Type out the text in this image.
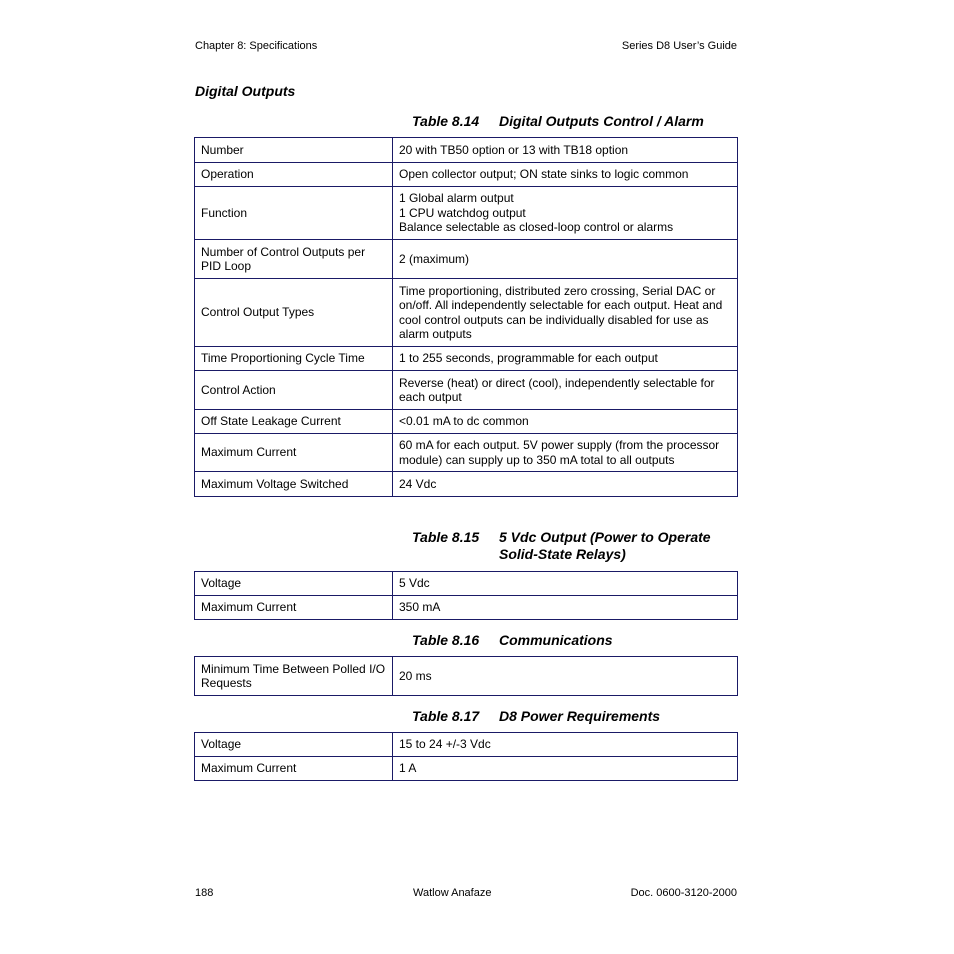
Chapter 8: Specifications	Series D8 User’s Guide
Digital Outputs
Table 8.14 Digital Outputs Control / Alarm
Number	20 with TB50 option or 13 with TB18 option
Operation	Open collector output; ON state sinks to logic common
Function	1 Global alarm output
1 CPU watchdog output
Balance selectable as closed-loop control or alarms

Number of Control Outputs per PID Loop	2 (maximum)
Control Output Types	Time proportioning, distributed zero crossing, Serial DAC or on/off. All independently selectable for each output. Heat and cool control outputs can be individually disabled for use as alarm outputs
Time Proportioning Cycle Time	1 to 255 seconds, programmable for each output
Control Action	Reverse (heat) or direct (cool), independently selectable for each output
Off State Leakage Current	<0.01 mA to dc common
Maximum Current	60 mA for each output. 5V power supply (from the processor module) can supply up to 350 mA total to all outputs
Maximum Voltage Switched	24 Vdc
Table 8.15 5 Vdc Output (Power to Operate
Solid-State Relays)
Voltage	5 Vdc
Maximum Current	350 mA
Table 8.16 Communications
Minimum Time Between Polled I/O Requests	20 ms
Table 8.17 D8 Power Requirements
Voltage	15 to 24 +/-3 Vdc
Maximum Current	1 A
188	Watlow Anafaze	Doc. 0600-3120-2000
